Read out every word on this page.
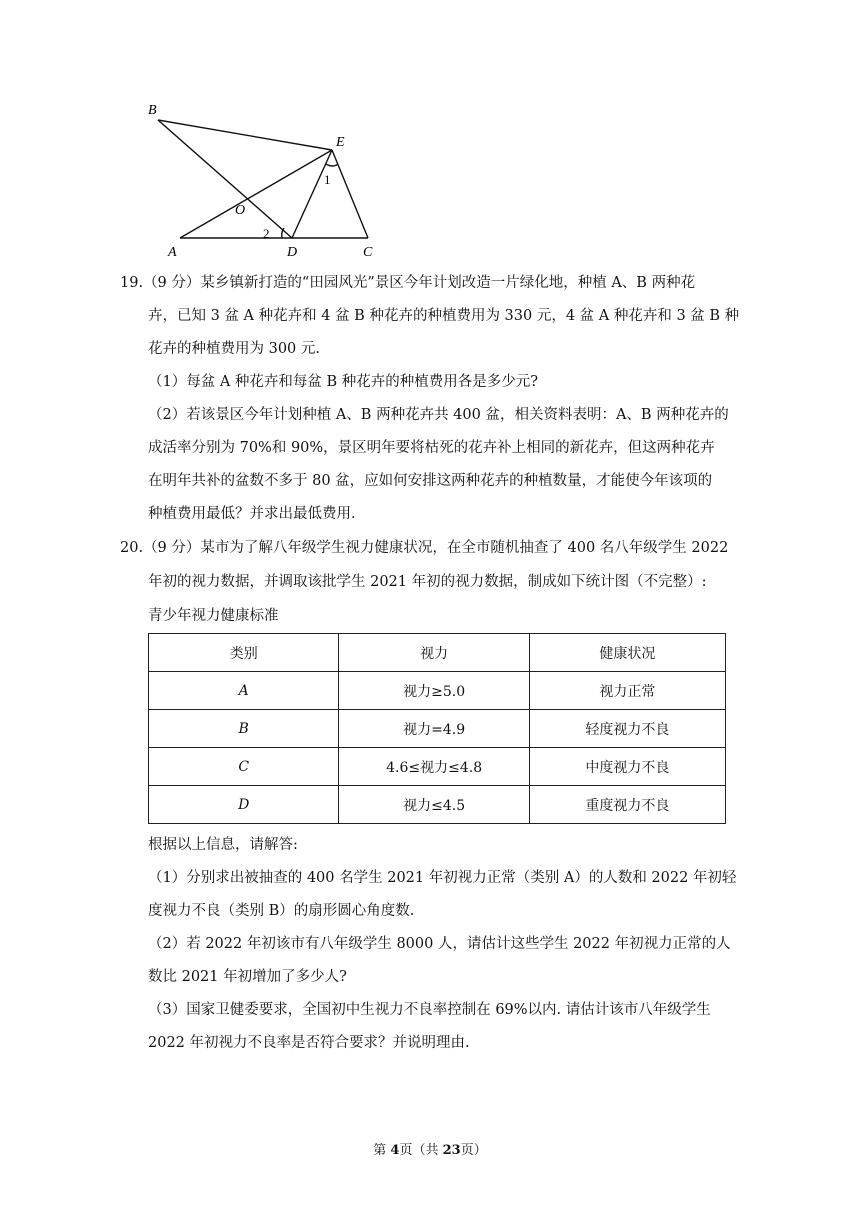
B
E
O
A	D	C
1
2
19.（9 分）某乡镇新打造的“田园风光”景区今年计划改造一片绿化地，种植 A、B 两种花
卉，已知 3 盆 A 种花卉和 4 盆 B 种花卉的种植费用为 330 元，4 盆 A 种花卉和 3 盆 B 种
花卉的种植费用为 300 元.
（1）每盆 A 种花卉和每盆 B 种花卉的种植费用各是多少元?
（2）若该景区今年计划种植 A、B 两种花卉共 400 盆，相关资料表明：A、B 两种花卉的
成活率分别为 70%和 90%，景区明年要将枯死的花卉补上相同的新花卉，但这两种花卉
在明年共补的盆数不多于 80 盆，应如何安排这两种花卉的种植数量，才能使今年该项的
种植费用最低？并求出最低费用.
20.（9 分）某市为了解八年级学生视力健康状况，在全市随机抽查了 400 名八年级学生 2022
年初的视力数据，并调取该批学生 2021 年初的视力数据，制成如下统计图（不完整）:
青少年视力健康标准
类别	视力	健康状况
A	视力≥5.0	视力正常
B	视力=4.9	轻度视力不良
C	4.6≤视力≤4.8	中度视力不良
D	视力≤4.5	重度视力不良
根据以上信息，请解答:
（1）分别求出被抽查的 400 名学生 2021 年初视力正常（类别 A）的人数和 2022 年初轻
度视力不良（类别 B）的扇形圆心角度数.
（2）若 2022 年初该市有八年级学生 8000 人，请估计这些学生 2022 年初视力正常的人
数比 2021 年初增加了多少人?
（3）国家卫健委要求，全国初中生视力不良率控制在 69%以内. 请估计该市八年级学生
2022 年初视力不良率是否符合要求？并说明理由.
第 4页（共 23页）
